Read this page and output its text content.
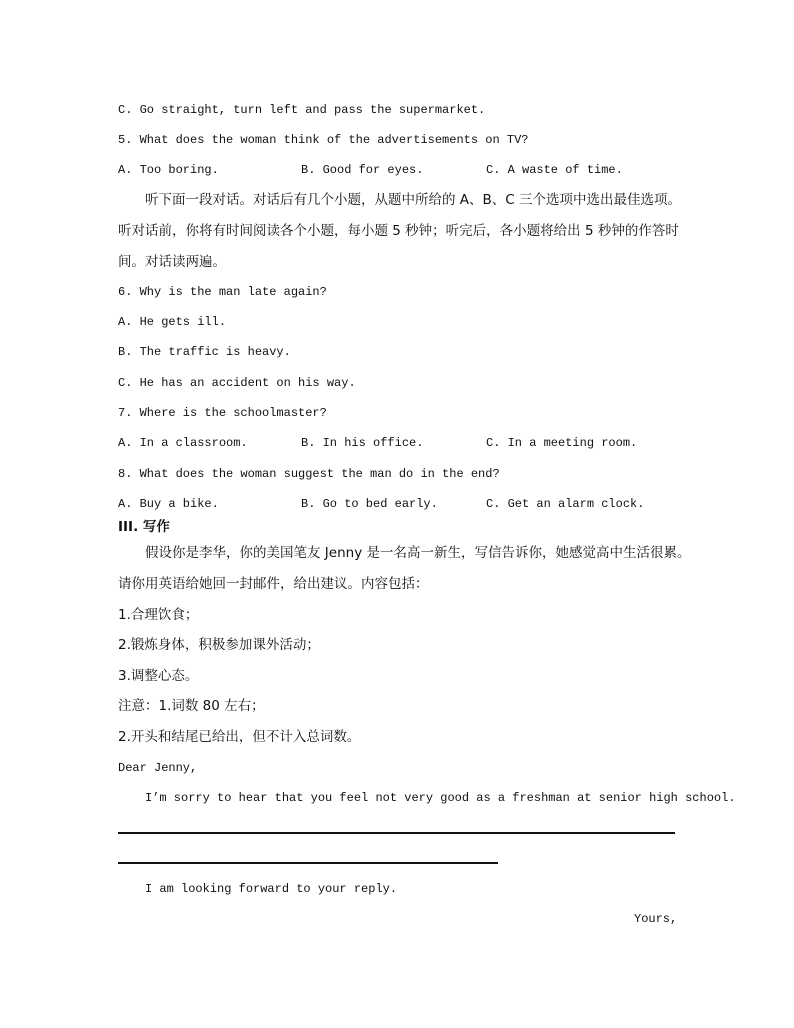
C. Go straight, turn left and pass the supermarket.
5. What does the woman think of the advertisements on TV?
A. Too boring.	B. Good for eyes.	C. A waste of time.
听下面一段对话。对话后有几个小题，从题中所给的 A、B、C 三个选项中选出最佳选项。
听对话前，你将有时间阅读各个小题，每小题 5 秒钟；听完后，各小题将给出 5 秒钟的作答时
间。对话读两遍。
6. Why is the man late again?
A. He gets ill.
B. The traffic is heavy.
C. He has an accident on his way.
7. Where is the schoolmaster?
A. In a classroom.	B. In his office.	C. In a meeting room.
8. What does the woman suggest the man do in the end?
A. Buy a bike.	B. Go to bed early.	C. Get an alarm clock.
III. 写作
假设你是李华，你的美国笔友 Jenny 是一名高一新生，写信告诉你，她感觉高中生活很累。
请你用英语给她回一封邮件，给出建议。内容包括：
1.合理饮食；
2.锻炼身体，积极参加课外活动；
3.调整心态。
注意：1.词数 80 左右；
2.开头和结尾已给出，但不计入总词数。
Dear Jenny,
I’m sorry to hear that you feel not very good as a freshman at senior high school.
I am looking forward to your reply.
Yours,
